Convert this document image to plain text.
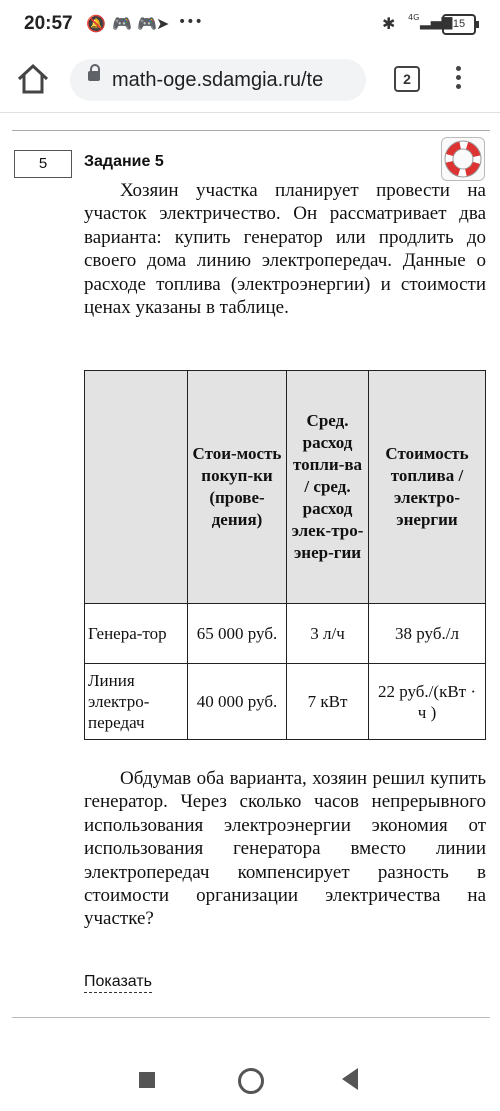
20:57 🔕 🎮 🎮 ➤ •••	✱ 4G ▂▄▆ 15
math-oge.sdamgia.ru/te	2
5	Задание 5

Хозяин участка планирует провести на участок электричество. Он рассматривает два варианта: купить генератор или продлить до своего дома линию электропередач. Данные о расходе топлива (электроэнергии) и стоимости ценах указаны в таблице.

	Стои-мость покуп-ки (прове-дения)	Сред. расход топли-ва / сред. расход элек-тро-энер-гии	Стоимость топлива / электро-энергии
Генера-тор	65 000 руб.	3 л/ч	38 руб./л
Линия электро-передач	40 000 руб.	7 кВт	22 руб./(кВт · ч )

Обдумав оба варианта, хозяин решил купить генератор. Через сколько часов непрерывного использования электроэнергии экономия от использования генератора вместо линии электропередач компенсирует разность в стоимости организации электричества на участке?

Показать
